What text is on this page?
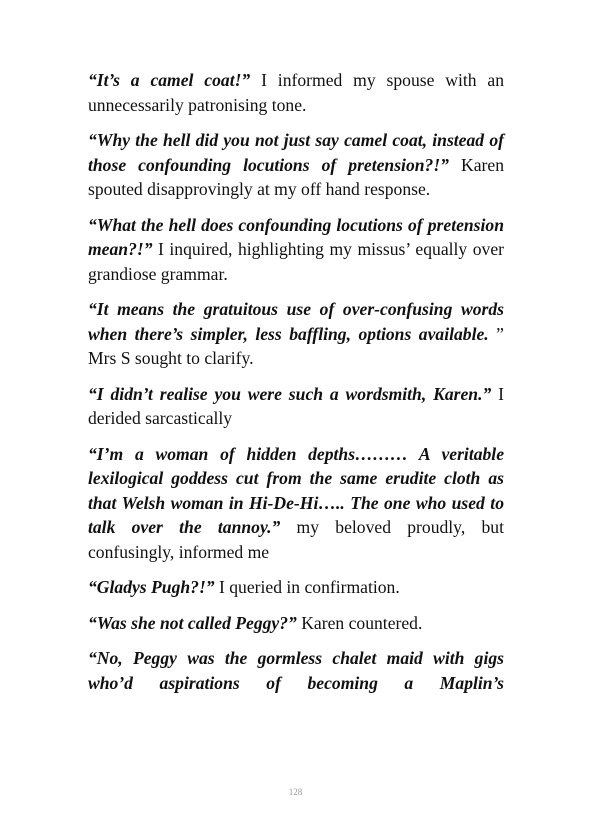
“It’s a camel coat!” I informed my spouse with an unnecessarily patronising tone.

“Why the hell did you not just say camel coat, instead of those confounding locutions of pretension?!” Karen spouted disapprovingly at my off hand response.

“What the hell does confounding locutions of pretension mean?!” I inquired, highlighting my missus’ equally over grandiose grammar.

“It means the gratuitous use of over-confusing words when there’s simpler, less baffling, options available. ” Mrs S sought to clarify.

“I didn’t realise you were such a wordsmith, Karen.” I derided sarcastically

“I’m a woman of hidden depths……… A veritable lexilogical goddess cut from the same erudite cloth as that Welsh woman in Hi-De-Hi….. The one who used to talk over the tannoy.” my beloved proudly, but confusingly, informed me

“Gladys Pugh?!” I queried in confirmation.

“Was she not called Peggy?” Karen countered.

“No, Peggy was the gormless chalet maid with gigs who’d aspirations of becoming a Maplin’s

128
